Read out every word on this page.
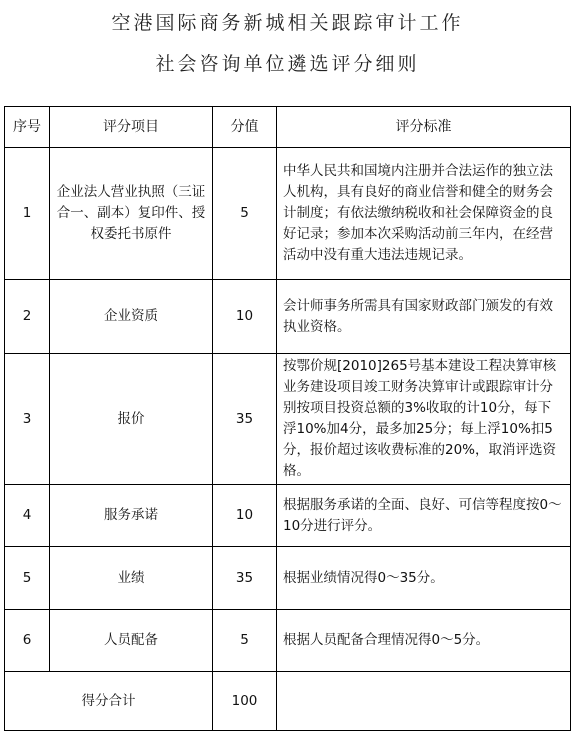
空港国际商务新城相关跟踪审计工作
社会咨询单位遴选评分细则
序号	评分项目	分值	评分标准
1	企业法人营业执照（三证合一、副本）复印件、授权委托书原件	5	中华人民共和国境内注册并合法运作的独立法人机构，具有良好的商业信誉和健全的财务会计制度；有依法缴纳税收和社会保障资金的良好记录；参加本次采购活动前三年内，在经营活动中没有重大违法违规记录。
2	企业资质	10	会计师事务所需具有国家财政部门颁发的有效执业资格。
3	报价	35	按鄂价规[2010]265号基本建设工程决算审核业务建设项目竣工财务决算审计或跟踪审计分别按项目投资总额的3%收取的计10分，每下浮10%加4分，最多加25分；每上浮10%扣5分，报价超过该收费标准的20%，取消评选资格。
4	服务承诺	10	根据服务承诺的全面、良好、可信等程度按0～10分进行评分。
5	业绩	35	根据业绩情况得0～35分。
6	人员配备	5	根据人员配备合理情况得0～5分。
得分合计		100	
